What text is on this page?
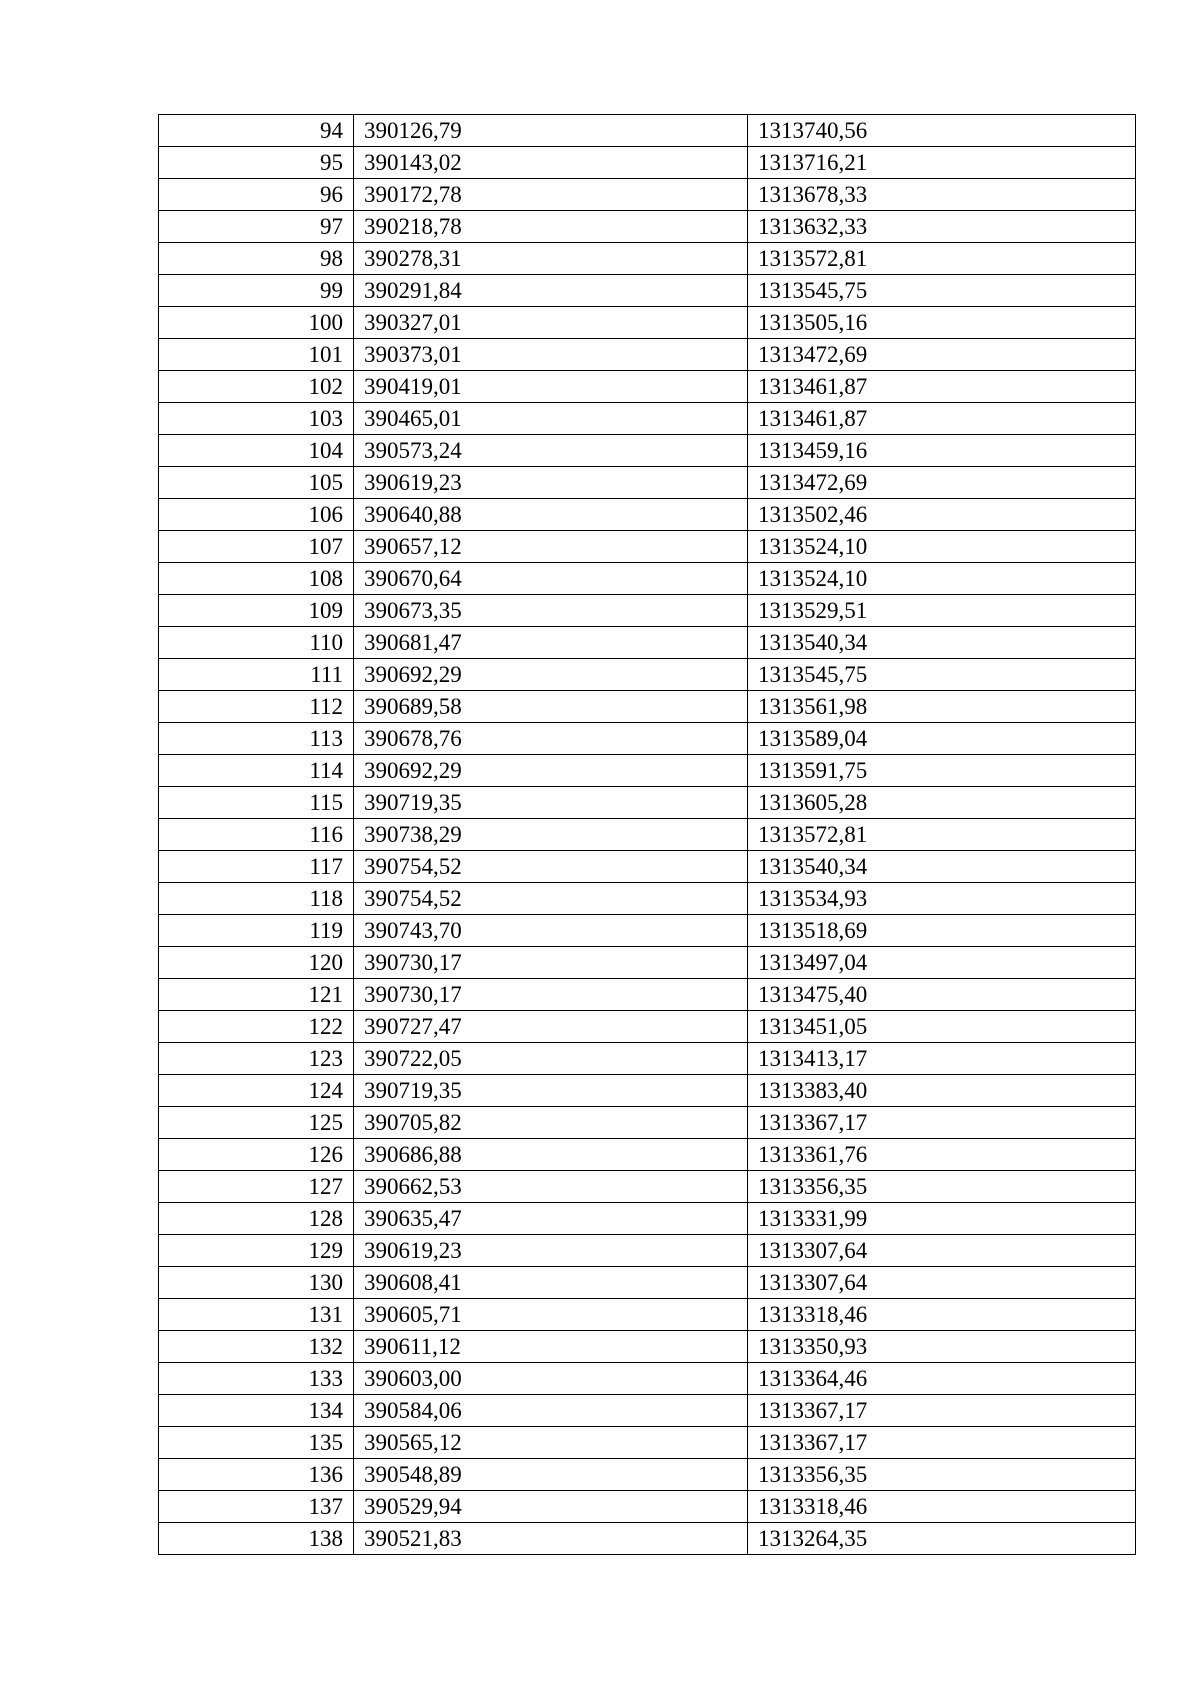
94	390126,79	1313740,56
95	390143,02	1313716,21
96	390172,78	1313678,33
97	390218,78	1313632,33
98	390278,31	1313572,81
99	390291,84	1313545,75
100	390327,01	1313505,16
101	390373,01	1313472,69
102	390419,01	1313461,87
103	390465,01	1313461,87
104	390573,24	1313459,16
105	390619,23	1313472,69
106	390640,88	1313502,46
107	390657,12	1313524,10
108	390670,64	1313524,10
109	390673,35	1313529,51
110	390681,47	1313540,34
111	390692,29	1313545,75
112	390689,58	1313561,98
113	390678,76	1313589,04
114	390692,29	1313591,75
115	390719,35	1313605,28
116	390738,29	1313572,81
117	390754,52	1313540,34
118	390754,52	1313534,93
119	390743,70	1313518,69
120	390730,17	1313497,04
121	390730,17	1313475,40
122	390727,47	1313451,05
123	390722,05	1313413,17
124	390719,35	1313383,40
125	390705,82	1313367,17
126	390686,88	1313361,76
127	390662,53	1313356,35
128	390635,47	1313331,99
129	390619,23	1313307,64
130	390608,41	1313307,64
131	390605,71	1313318,46
132	390611,12	1313350,93
133	390603,00	1313364,46
134	390584,06	1313367,17
135	390565,12	1313367,17
136	390548,89	1313356,35
137	390529,94	1313318,46
138	390521,83	1313264,35
